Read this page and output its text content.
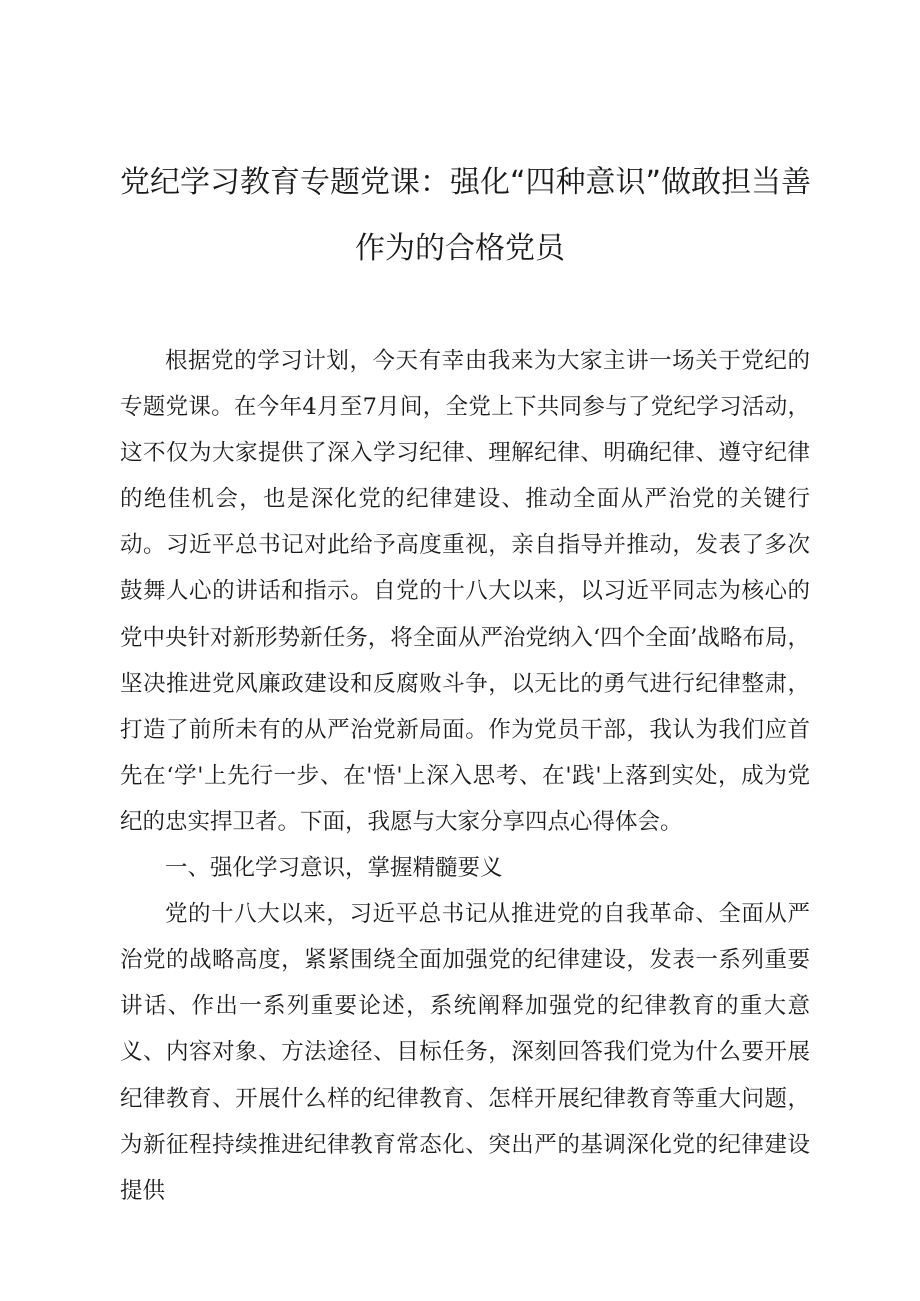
党纪学习教育专题党课：强化“四种意识”做敢担当善
作为的合格党员

根据党的学习计划，今天有幸由我来为大家主讲一场关于党纪的专题党课。在今年4月至7月间，全党上下共同参与了党纪学习活动，这不仅为大家提供了深入学习纪律、理解纪律、明确纪律、遵守纪律的绝佳机会，也是深化党的纪律建设、推动全面从严治党的关键行动。习近平总书记对此给予高度重视，亲自指导并推动，发表了多次鼓舞人心的讲话和指示。自党的十八大以来，以习近平同志为核心的党中央针对新形势新任务，将全面从严治党纳入‘四个全面’战略布局，坚决推进党风廉政建设和反腐败斗争，以无比的勇气进行纪律整肃，打造了前所未有的从严治党新局面。作为党员干部，我认为我们应首先在‘学'上先行一步、在'悟'上深入思考、在'践'上落到实处，成为党纪的忠实捍卫者。下面，我愿与大家分享四点心得体会。

一、强化学习意识，掌握精髓要义

党的十八大以来，习近平总书记从推进党的自我革命、全面从严治党的战略高度，紧紧围绕全面加强党的纪律建设，发表一系列重要讲话、作出一系列重要论述，系统阐释加强党的纪律教育的重大意义、内容对象、方法途径、目标任务，深刻回答我们党为什么要开展纪律教育、开展什么样的纪律教育、怎样开展纪律教育等重大问题，为新征程持续推进纪律教育常态化、突出严的基调深化党的纪律建设提供
